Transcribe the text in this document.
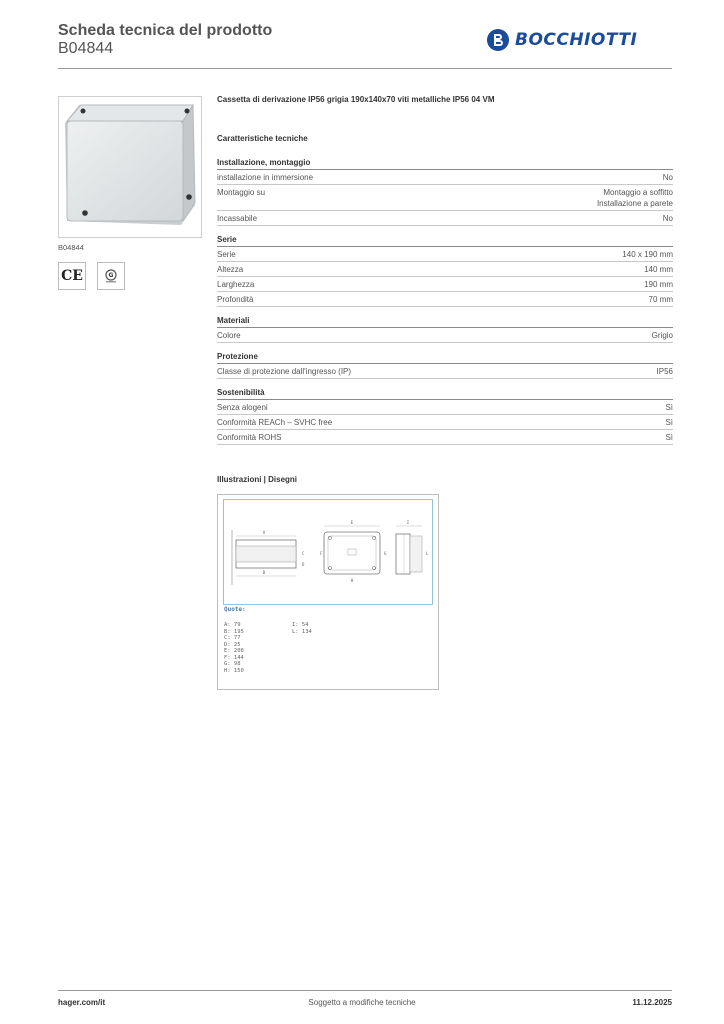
Scheda tecnica del prodotto
B04844	BOCCHIOTTI
B04844
CE	G
Cassetta di derivazione IP56 grigia 190x140x70 viti metalliche IP56 04 VM
Caratteristiche tecniche
Installazione, montaggio
installazione in immersione	No
Montaggio su	Montaggio a soffitto
Installazione a parete
Incassabile	No
Serie
Serie	140 x 190 mm
Altezza	140 mm
Larghezza	190 mm
Profondità	70 mm
Materiali
Colore	Grigio
Protezione
Classe di protezione dall'ingresso (IP)	IP56
Sostenibilità
Senza alogeni	Sì
Conformità REACh – SVHC free	Sì
Conformità ROHS	Sì
Illustrazioni | Disegni
A
B
C
D
E
F	G
H
I
L
Quote:
A: 79
B: 195
C: 77
D: 25
E: 200
F: 144
G: 98
H: 150
I: 54
L: 134
hager.com/it	Soggetto a modifiche tecniche	11.12.2025
